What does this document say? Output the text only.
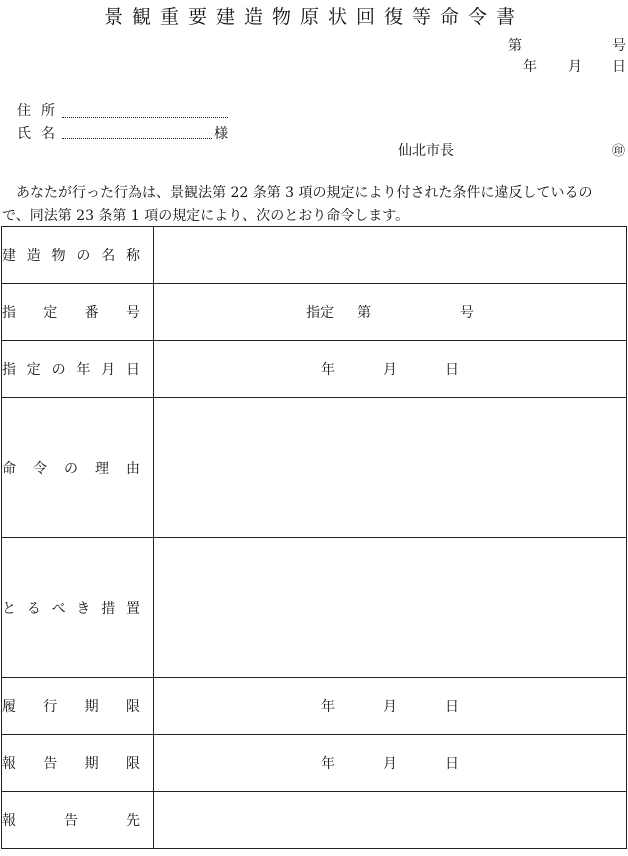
景観重要建造物原状回復等命令書
第	号
年 月 日
住所
氏名	様
仙北市長	㊞

あなたが行った行為は、景観法第 22 条第 3 項の規定により付された条件に違反しているの

で、同法第 23 条第 1 項の規定により、次のとおり命令します。

建造物の名称	

指定番号	指定 第 号

指定の年月日	年 月 日

命令の理由	

とるべき措置	

履行期限	年 月 日

報告期限	年 月 日

報告先	
